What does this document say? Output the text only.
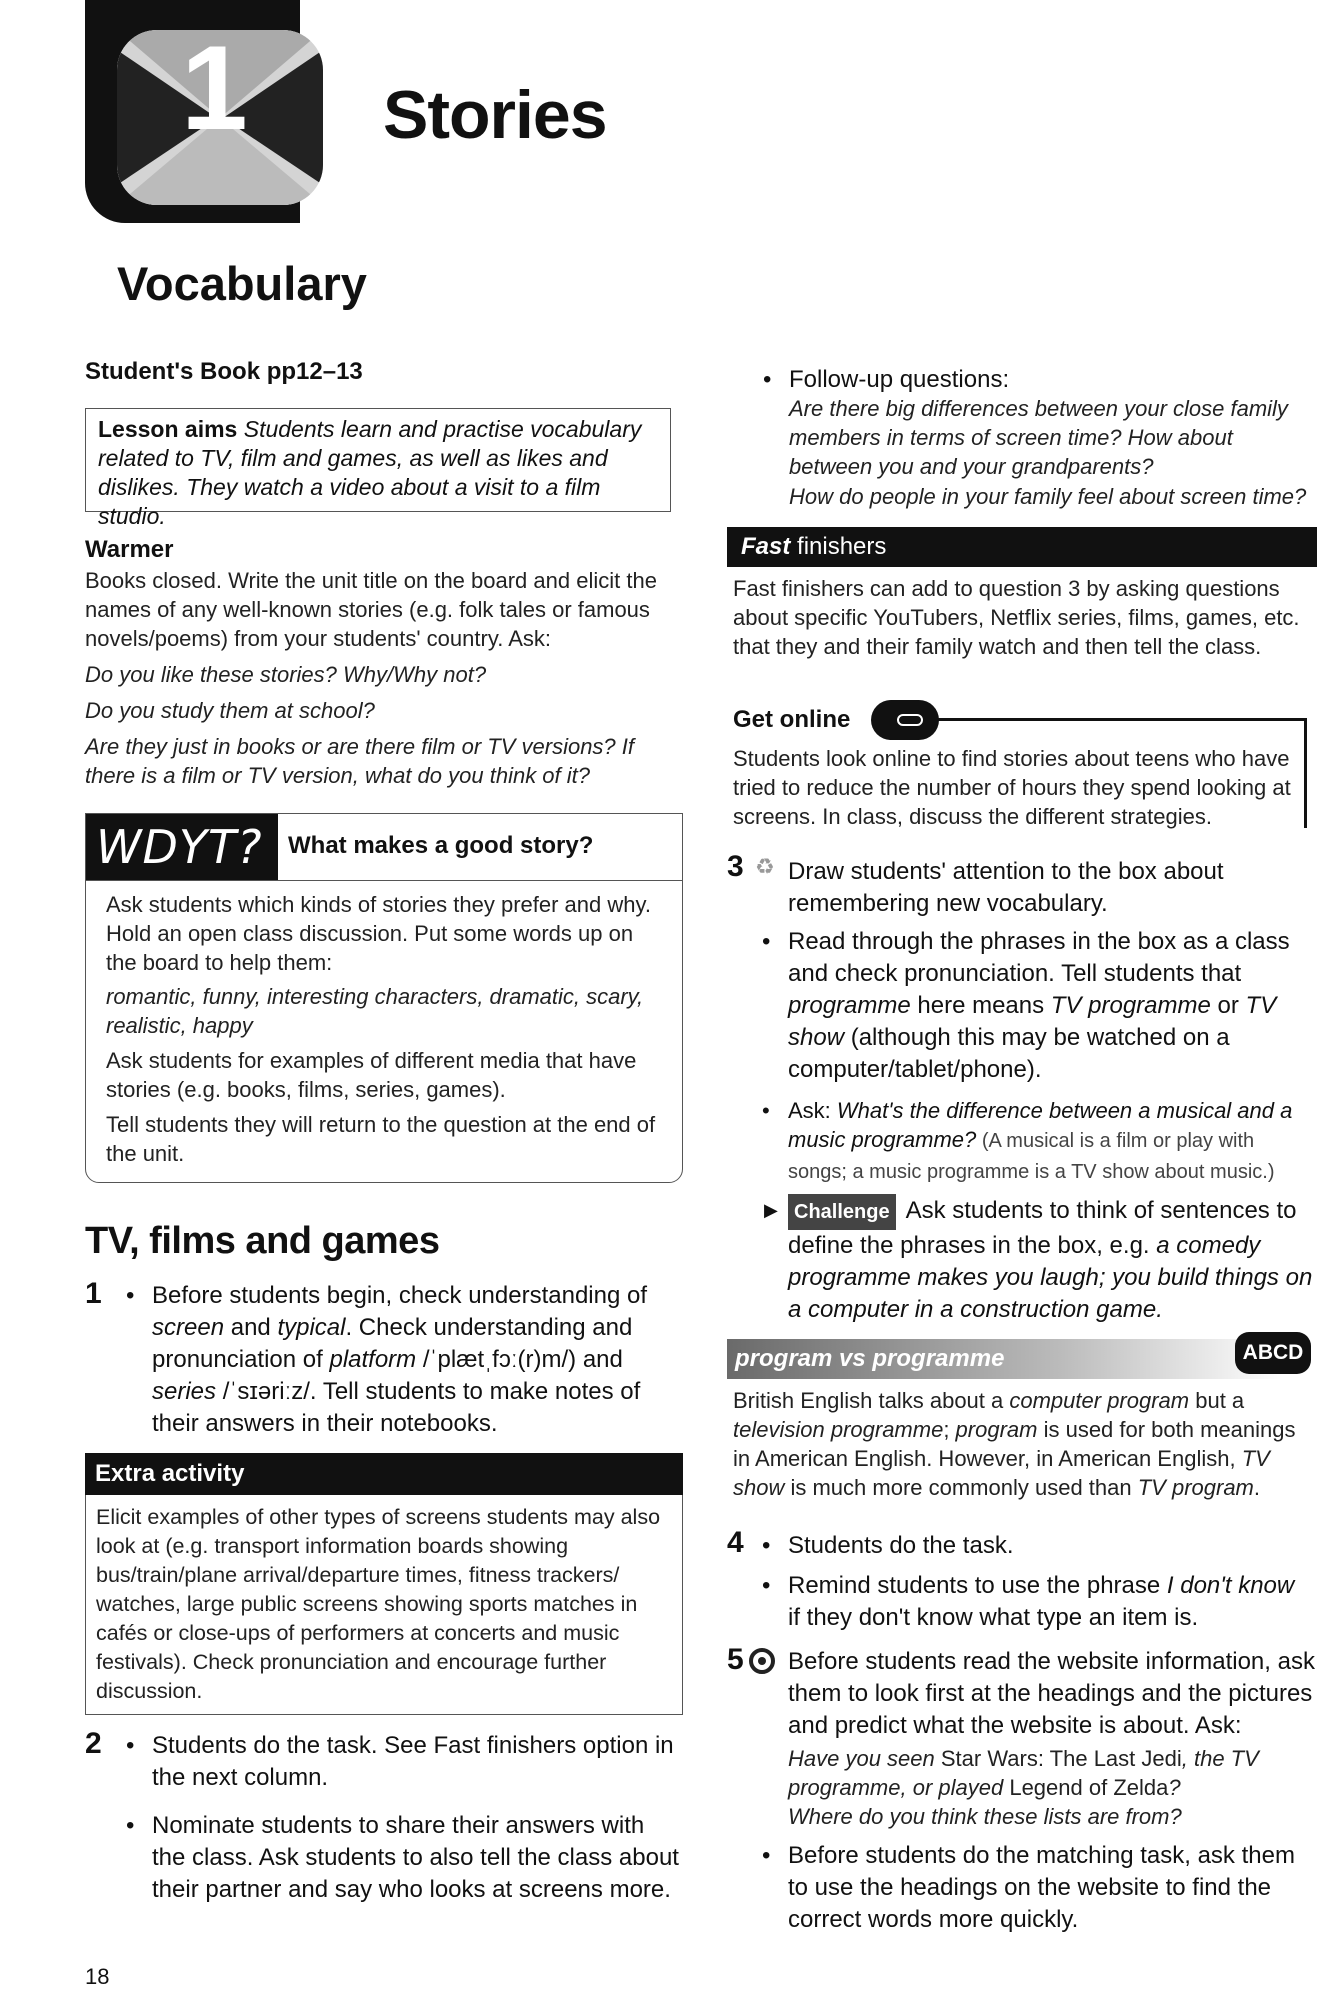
1 Stories
Vocabulary
Student's Book pp12–13
Lesson aims Students learn and practise vocabulary related to TV, film and games, as well as likes and dislikes. They watch a video about a visit to a film studio.
Warmer
Books closed. Write the unit title on the board and elicit the names of any well-known stories (e.g. folk tales or famous novels/poems) from your students' country. Ask:
Do you like these stories? Why/Why not?
Do you study them at school?
Are they just in books or are there film or TV versions? If there is a film or TV version, what do you think of it?
WDYT?	What makes a good story?
Ask students which kinds of stories they prefer and why. Hold an open class discussion. Put some words up on the board to help them:
romantic, funny, interesting characters, dramatic, scary, realistic, happy
Ask students for examples of different media that have stories (e.g. books, films, series, games).
Tell students they will return to the question at the end of the unit.
TV, films and games
1 • Before students begin, check understanding of screen and typical. Check understanding and pronunciation of platform /ˈplætˌfɔː(r)m/) and series /ˈsɪəriːz/. Tell students to make notes of their answers in their notebooks.
Extra activity
Elicit examples of other types of screens students may also look at (e.g. transport information boards showing bus/train/plane arrival/departure times, fitness trackers/ watches, large public screens showing sports matches in cafés or close-ups of performers at concerts and music festivals). Check pronunciation and encourage further discussion.
2 • Students do the task. See Fast finishers option in the next column.
• Nominate students to share their answers with the class. Ask students to also tell the class about their partner and say who looks at screens more.
18
• Follow-up questions:
Are there big differences between your close family members in terms of screen time? How about between you and your grandparents?
How do people in your family feel about screen time?
Fast finishers
Fast finishers can add to question 3 by asking questions about specific YouTubers, Netflix series, films, games, etc. that they and their family watch and then tell the class.
Get online
Students look online to find stories about teens who have tried to reduce the number of hours they spend looking at screens. In class, discuss the different strategies.
3 ♻ Draw students' attention to the box about remembering new vocabulary.
• Read through the phrases in the box as a class and check pronunciation. Tell students that programme here means TV programme or TV show (although this may be watched on a computer/tablet/phone).
• Ask: What's the difference between a musical and a music programme? (A musical is a film or play with songs; a music programme is a TV show about music.)
▶ Challenge Ask students to think of sentences to define the phrases in the box, e.g. a comedy programme makes you laugh; you build things on a computer in a construction game.
program vs programme	ABCD
British English talks about a computer program but a television programme; program is used for both meanings in American English. However, in American English, TV show is much more commonly used than TV program.
4 • Students do the task.
• Remind students to use the phrase I don't know if they don't know what type an item is.
5 Before students read the website information, ask them to look first at the headings and the pictures and predict what the website is about. Ask:
Have you seen Star Wars: The Last Jedi, the TV programme, or played Legend of Zelda?
Where do you think these lists are from?
• Before students do the matching task, ask them to use the headings on the website to find the correct words more quickly.
